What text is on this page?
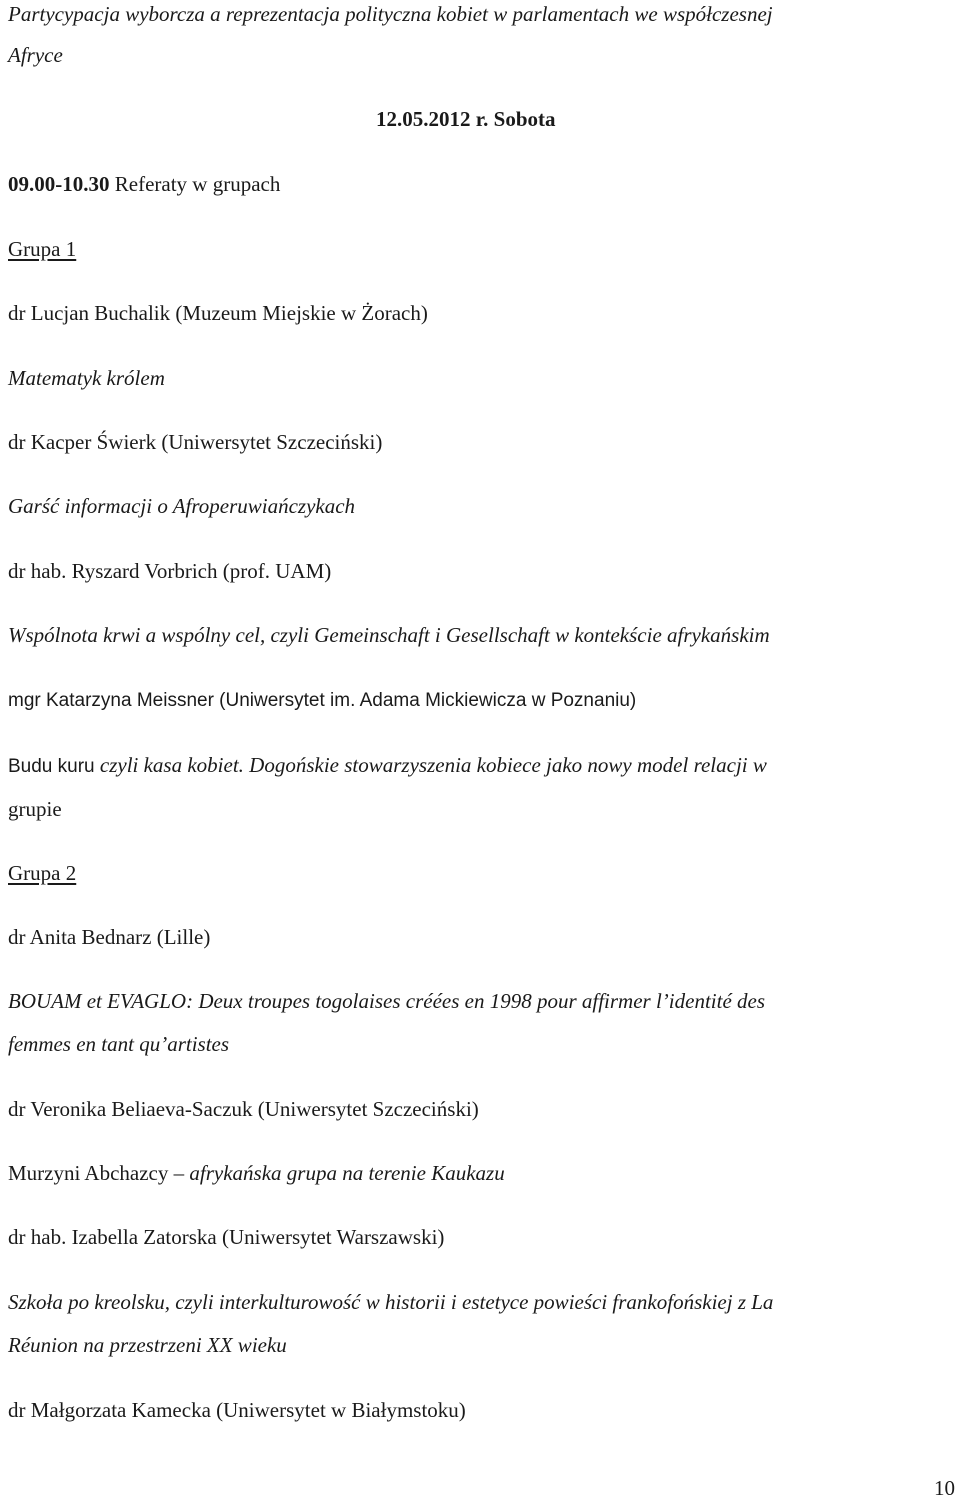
Partycypacja wyborcza a reprezentacja polityczna kobiet w parlamentach we współczesnej
Afryce
12.05.2012 r. Sobota
09.00-10.30 Referaty w grupach
Grupa 1
dr Lucjan Buchalik (Muzeum Miejskie w Żorach)
Matematyk królem
dr Kacper Świerk (Uniwersytet Szczeciński)
Garść informacji o Afroperuwiańczykach
dr hab. Ryszard Vorbrich (prof. UAM)
Wspólnota krwi a wspólny cel, czyli Gemeinschaft i Gesellschaft w kontekście afrykańskim
mgr Katarzyna Meissner (Uniwersytet im. Adama Mickiewicza w Poznaniu)
Budu kuru czyli kasa kobiet. Dogońskie stowarzyszenia kobiece jako nowy model relacji w
grupie
Grupa 2
dr Anita Bednarz (Lille)
BOUAM et EVAGLO: Deux troupes togolaises créées en 1998 pour affirmer l’identité des
femmes en tant qu’artistes
dr Veronika Beliaeva-Saczuk (Uniwersytet Szczeciński)
Murzyni Abchazcy – afrykańska grupa na terenie Kaukazu
dr hab. Izabella Zatorska (Uniwersytet Warszawski)
Szkoła po kreolsku, czyli interkulturowość w historii i estetyce powieści frankofońskiej z La
Réunion na przestrzeni XX wieku
dr Małgorzata Kamecka (Uniwersytet w Białymstoku)
10
